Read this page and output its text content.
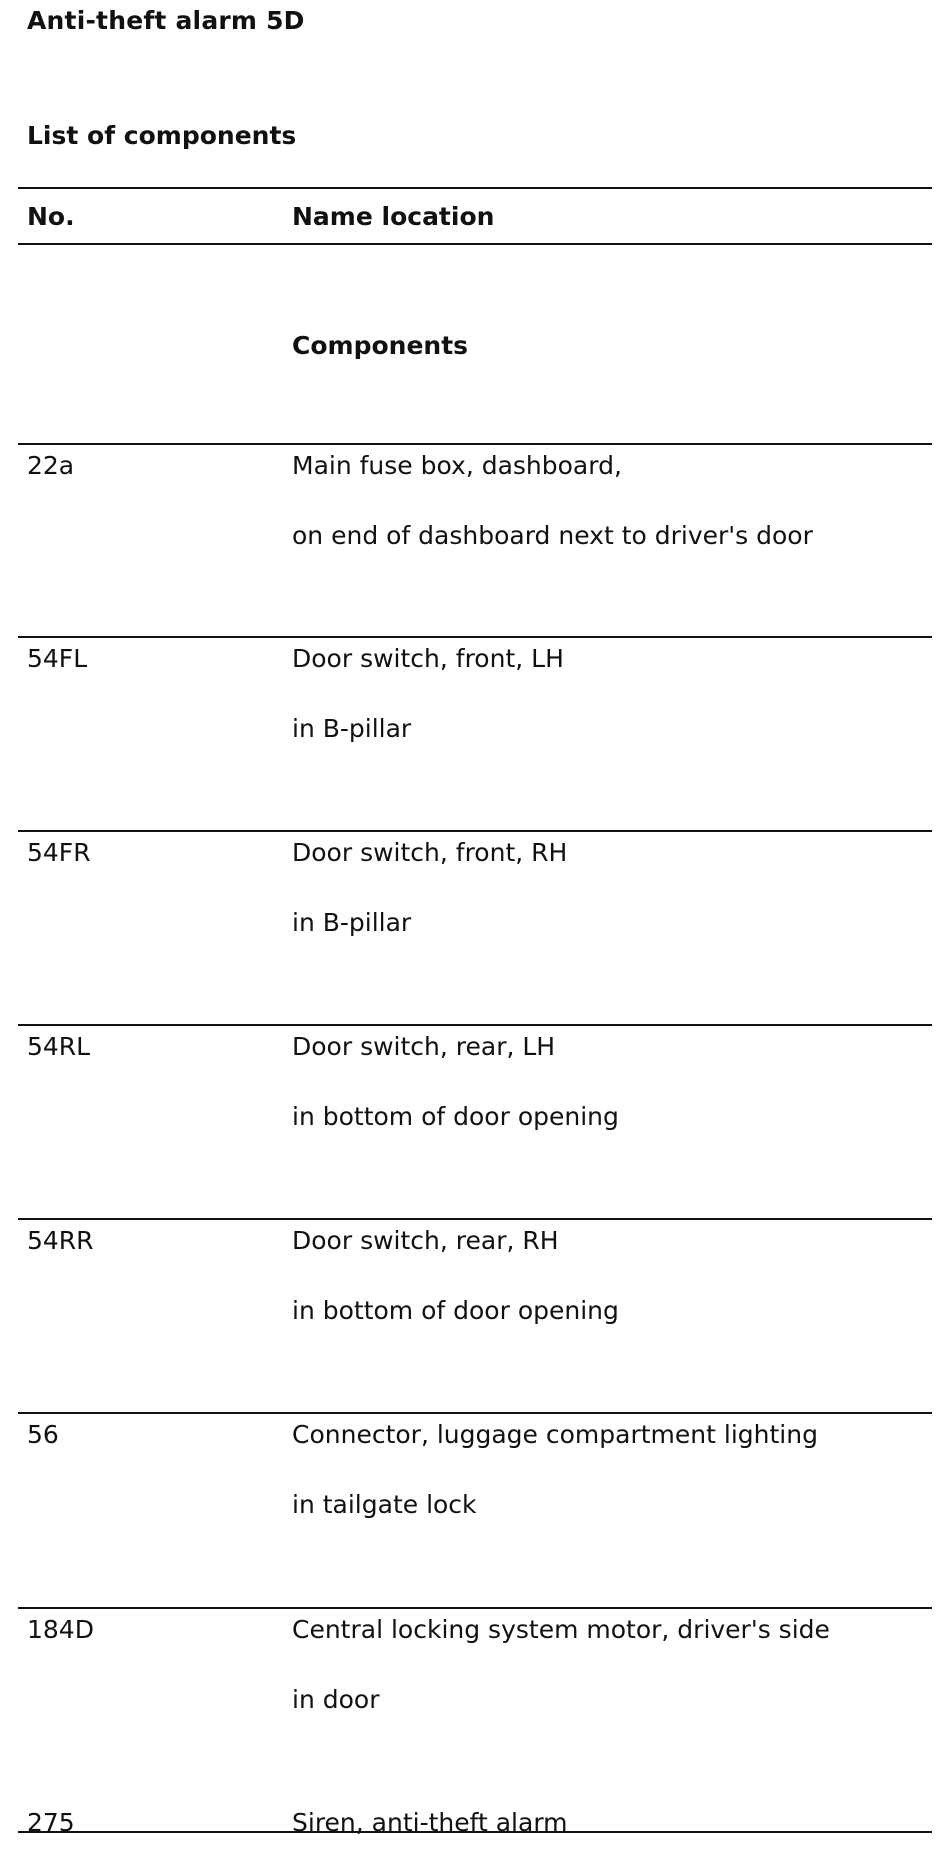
Anti-theft alarm 5D
List of components
No.	Name location
Components
22a	Main fuse box, dashboard,
on end of dashboard next to driver's door
54FL	Door switch, front, LH
in B-pillar
54FR	Door switch, front, RH
in B-pillar
54RL	Door switch, rear, LH
in bottom of door opening
54RR	Door switch, rear, RH
in bottom of door opening
56	Connector, luggage compartment lighting
in tailgate lock
184D	Central locking system motor, driver's side
in door
275	Siren, anti-theft alarm
